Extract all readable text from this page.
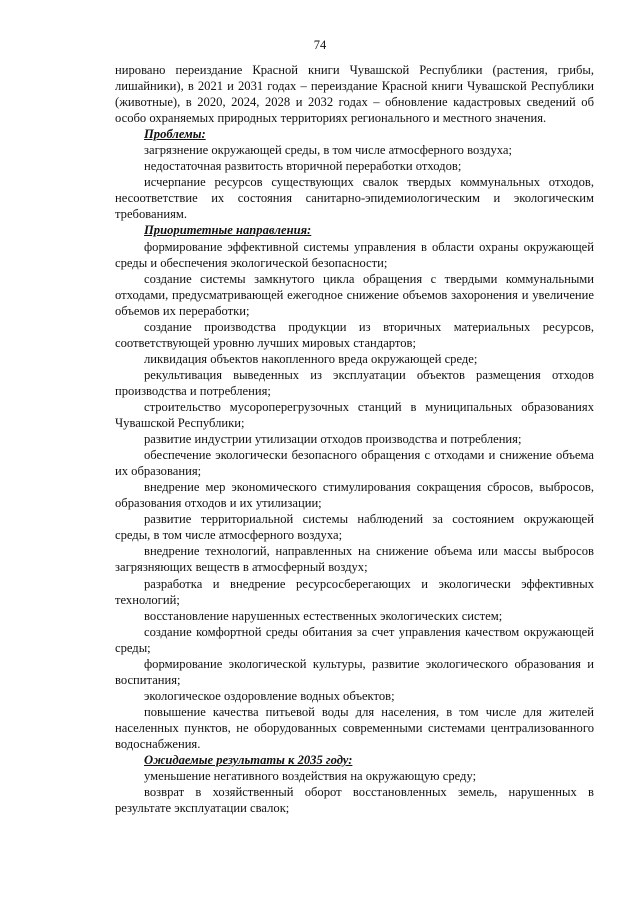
74

нировано переиздание Красной книги Чувашской Республики (растения, грибы, лишайники), в 2021 и 2031 годах – переиздание Красной книги Чувашской Республики (животные), в 2020, 2024, 2028 и 2032 годах – обновление кадастровых сведений об особо охраняемых природных территориях регионального и местного значения.

Проблемы:

загрязнение окружающей среды, в том числе атмосферного воздуха;

недостаточная развитость вторичной переработки отходов;

исчерпание ресурсов существующих свалок твердых коммунальных отходов, несоответствие их состояния санитарно-эпидемиологическим и экологическим требованиям.

Приоритетные направления:

формирование эффективной системы управления в области охраны окружающей среды и обеспечения экологической безопасности;

создание системы замкнутого цикла обращения с твердыми коммунальными отходами, предусматривающей ежегодное снижение объемов захоронения и увеличение объемов их переработки;

создание производства продукции из вторичных материальных ресурсов, соответствующей уровню лучших мировых стандартов;

ликвидация объектов накопленного вреда окружающей среде;

рекультивация выведенных из эксплуатации объектов размещения отходов производства и потребления;

строительство мусороперегрузочных станций в муниципальных образованиях Чувашской Республики;

развитие индустрии утилизации отходов производства и потребления;

обеспечение экологически безопасного обращения с отходами и снижение объема их образования;

внедрение мер экономического стимулирования сокращения сбросов, выбросов, образования отходов и их утилизации;

развитие территориальной системы наблюдений за состоянием окружающей среды, в том числе атмосферного воздуха;

внедрение технологий, направленных на снижение объема или массы выбросов загрязняющих веществ в атмосферный воздух;

разработка и внедрение ресурсосберегающих и экологически эффективных технологий;

восстановление нарушенных естественных экологических систем;

создание комфортной среды обитания за счет управления качеством окружающей среды;

формирование экологической культуры, развитие экологического образования и воспитания;

экологическое оздоровление водных объектов;

повышение качества питьевой воды для населения, в том числе для жителей населенных пунктов, не оборудованных современными системами централизованного водоснабжения.

Ожидаемые результаты к 2035 году:

уменьшение негативного воздействия на окружающую среду;

возврат в хозяйственный оборот восстановленных земель, нарушенных в результате эксплуатации свалок;
